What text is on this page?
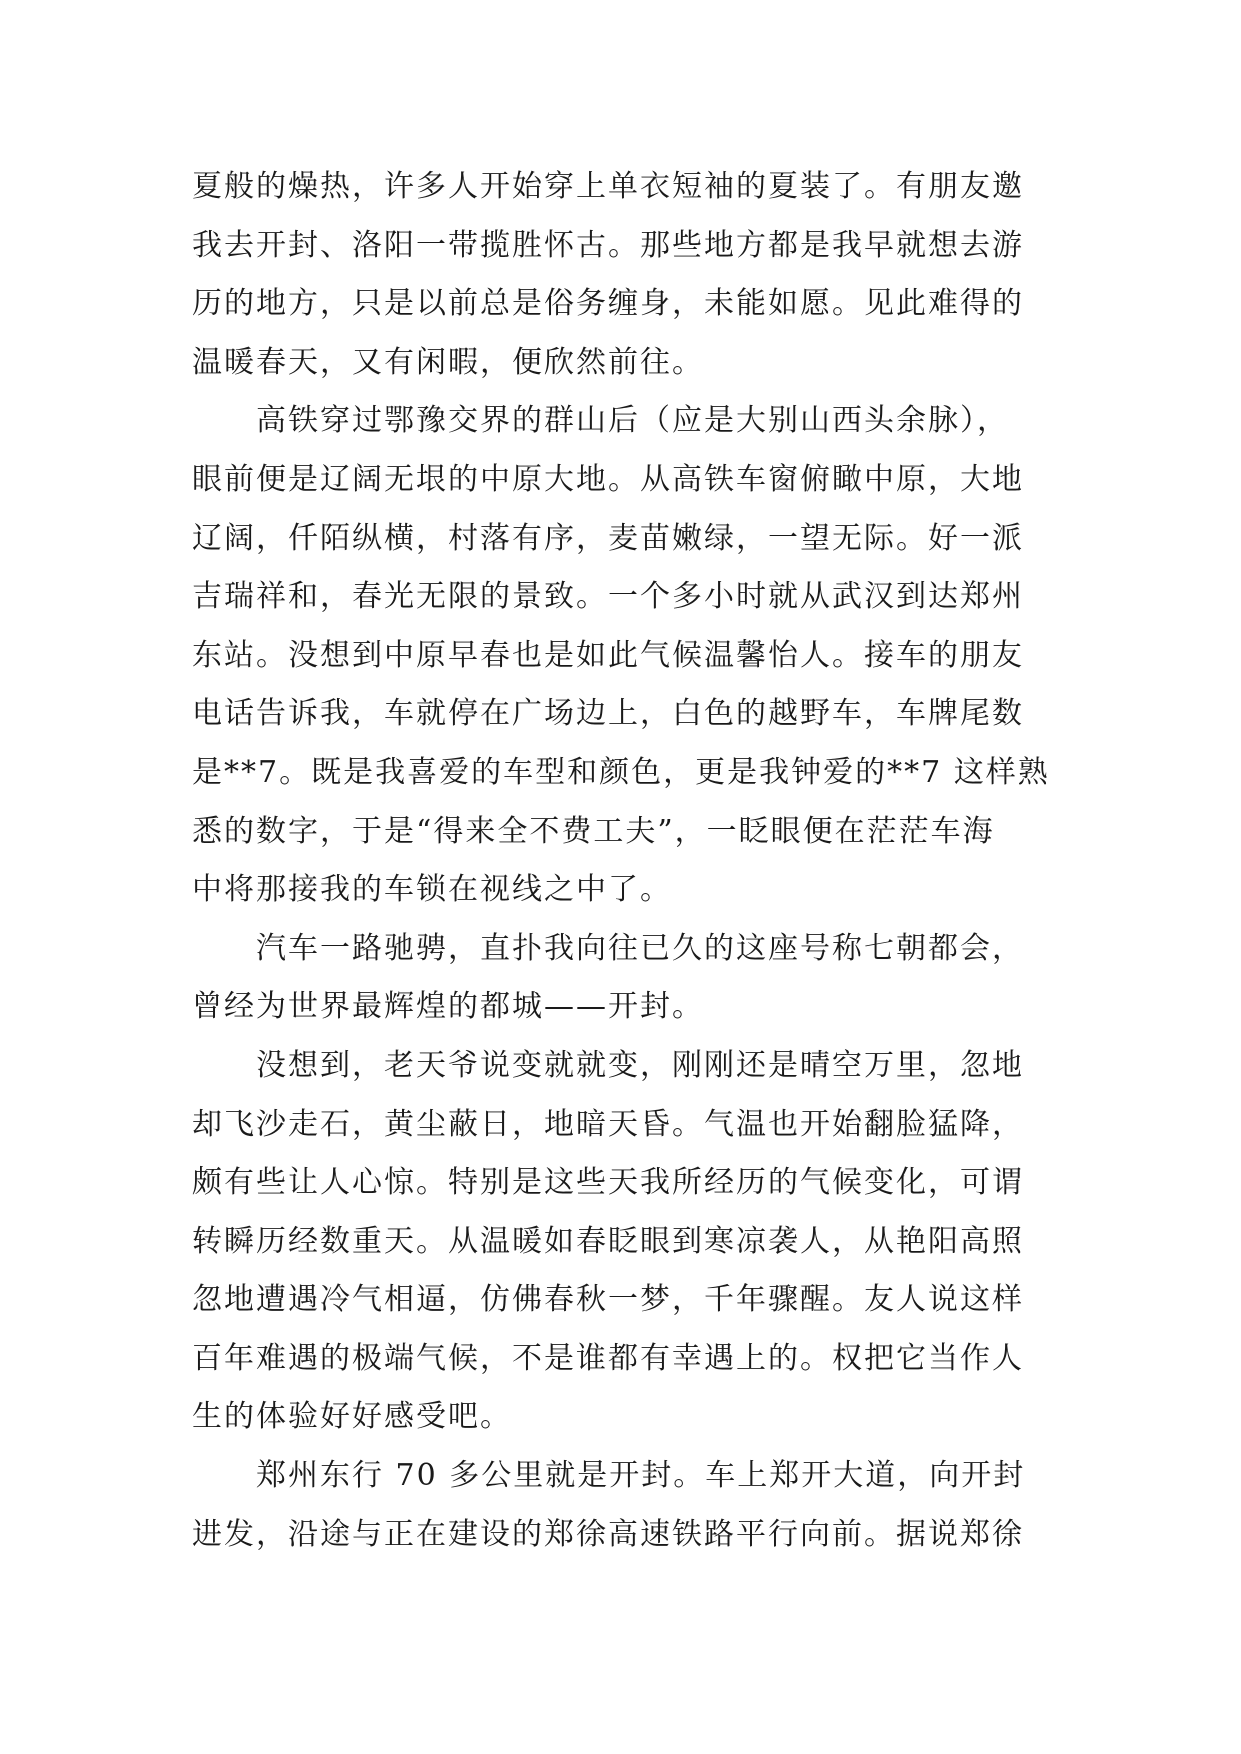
夏般的燥热，许多人开始穿上单衣短袖的夏装了。有朋友邀
我去开封、洛阳一带揽胜怀古。那些地方都是我早就想去游
历的地方，只是以前总是俗务缠身，未能如愿。见此难得的
温暖春天，又有闲暇，便欣然前往。
高铁穿过鄂豫交界的群山后（应是大别山西头余脉），
眼前便是辽阔无垠的中原大地。从高铁车窗俯瞰中原，大地
辽阔，仟陌纵横，村落有序，麦苗嫩绿，一望无际。好一派
吉瑞祥和，春光无限的景致。一个多小时就从武汉到达郑州
东站。没想到中原早春也是如此气候温馨怡人。接车的朋友
电话告诉我，车就停在广场边上，白色的越野车，车牌尾数
是**7。既是我喜爱的车型和颜色，更是我钟爱的**7 这样熟
悉的数字，于是“得来全不费工夫”，一眨眼便在茫茫车海
中将那接我的车锁在视线之中了。
汽车一路驰骋，直扑我向往已久的这座号称七朝都会，
曾经为世界最辉煌的都城——开封。
没想到，老天爷说变就就变，刚刚还是晴空万里，忽地
却飞沙走石，黄尘蔽日，地暗天昏。气温也开始翻脸猛降，
颇有些让人心惊。特别是这些天我所经历的气候变化，可谓
转瞬历经数重天。从温暖如春眨眼到寒凉袭人，从艳阳高照
忽地遭遇冷气相逼，仿佛春秋一梦，千年骤醒。友人说这样
百年难遇的极端气候，不是谁都有幸遇上的。权把它当作人
生的体验好好感受吧。
郑州东行 70 多公里就是开封。车上郑开大道，向开封
进发，沿途与正在建设的郑徐高速铁路平行向前。据说郑徐
